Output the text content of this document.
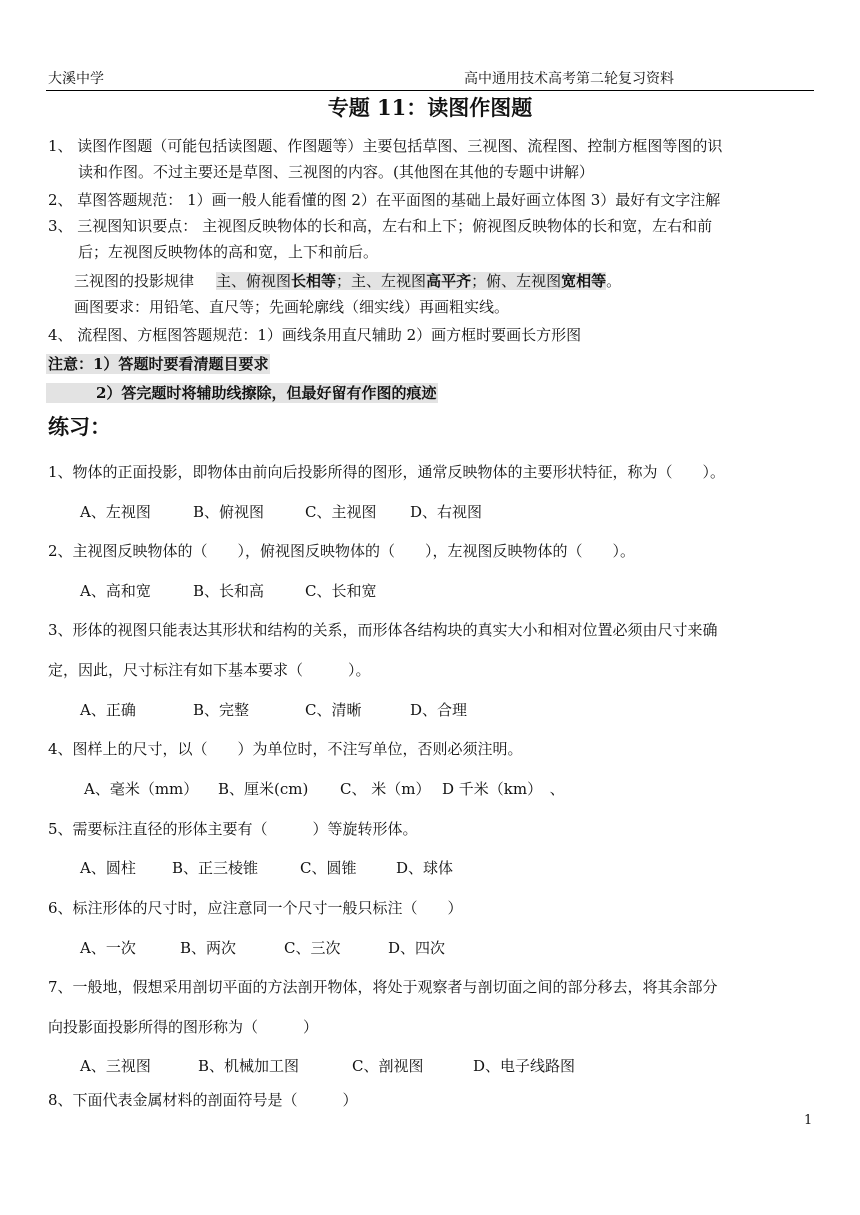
大溪中学	高中通用技术高考第二轮复习资料
专题 11：读图作图题
1、 读图作图题（可能包括读图题、作图题等）主要包括草图、三视图、流程图、控制方框图等图的识
读和作图。不过主要还是草图、三视图的内容。(其他图在其他的专题中讲解）
2、 草图答题规范： 1）画一般人能看懂的图 2）在平面图的基础上最好画立体图 3）最好有文字注解
3、 三视图知识要点： 主视图反映物体的长和高，左右和上下；俯视图反映物体的长和宽，左右和前
后；左视图反映物体的高和宽，上下和前后。
三视图的投影规律 主、俯视图长相等；主、左视图高平齐；俯、左视图宽相等。
画图要求：用铅笔、直尺等；先画轮廓线（细实线）再画粗实线。
4、 流程图、方框图答题规范：1）画线条用直尺辅助 2）画方框时要画长方形图
注意：1）答题时要看清题目要求
2）答完题时将辅助线擦除，但最好留有作图的痕迹
练习：
1、物体的正面投影，即物体由前向后投影所得的图形，通常反映物体的主要形状特征，称为（　　）。
A、左视图	B、俯视图	C、主视图 D、右视图
2、主视图反映物体的（　　），俯视图反映物体的（　　），左视图反映物体的（　　）。
A、高和宽	B、长和高	C、长和宽
3、形体的视图只能表达其形状和结构的关系，而形体各结构块的真实大小和相对位置必须由尺寸来确
定，因此，尺寸标注有如下基本要求（　　　）。
A、正确	B、完整	C、清晰	D、合理
4、图样上的尺寸，以（　　）为单位时，不注写单位，否则必须注明。
A、毫米（mm） B、厘米(cm) C、 米（m） D 千米（km）　、
5、需要标注直径的形体主要有（　　　）等旋转形体。
A、圆柱 B、正三棱锥	C、圆锥	D、球体
6、标注形体的尺寸时，应注意同一个尺寸一般只标注（　　）
A、一次	B、两次	C、三次	D、四次
7、一般地，假想采用剖切平面的方法剖开物体，将处于观察者与剖切面之间的部分移去，将其余部分
向投影面投影所得的图形称为（　　　）
A、三视图	B、机械加工图	C、剖视图	D、电子线路图
8、下面代表金属材料的剖面符号是（　　　）
1
